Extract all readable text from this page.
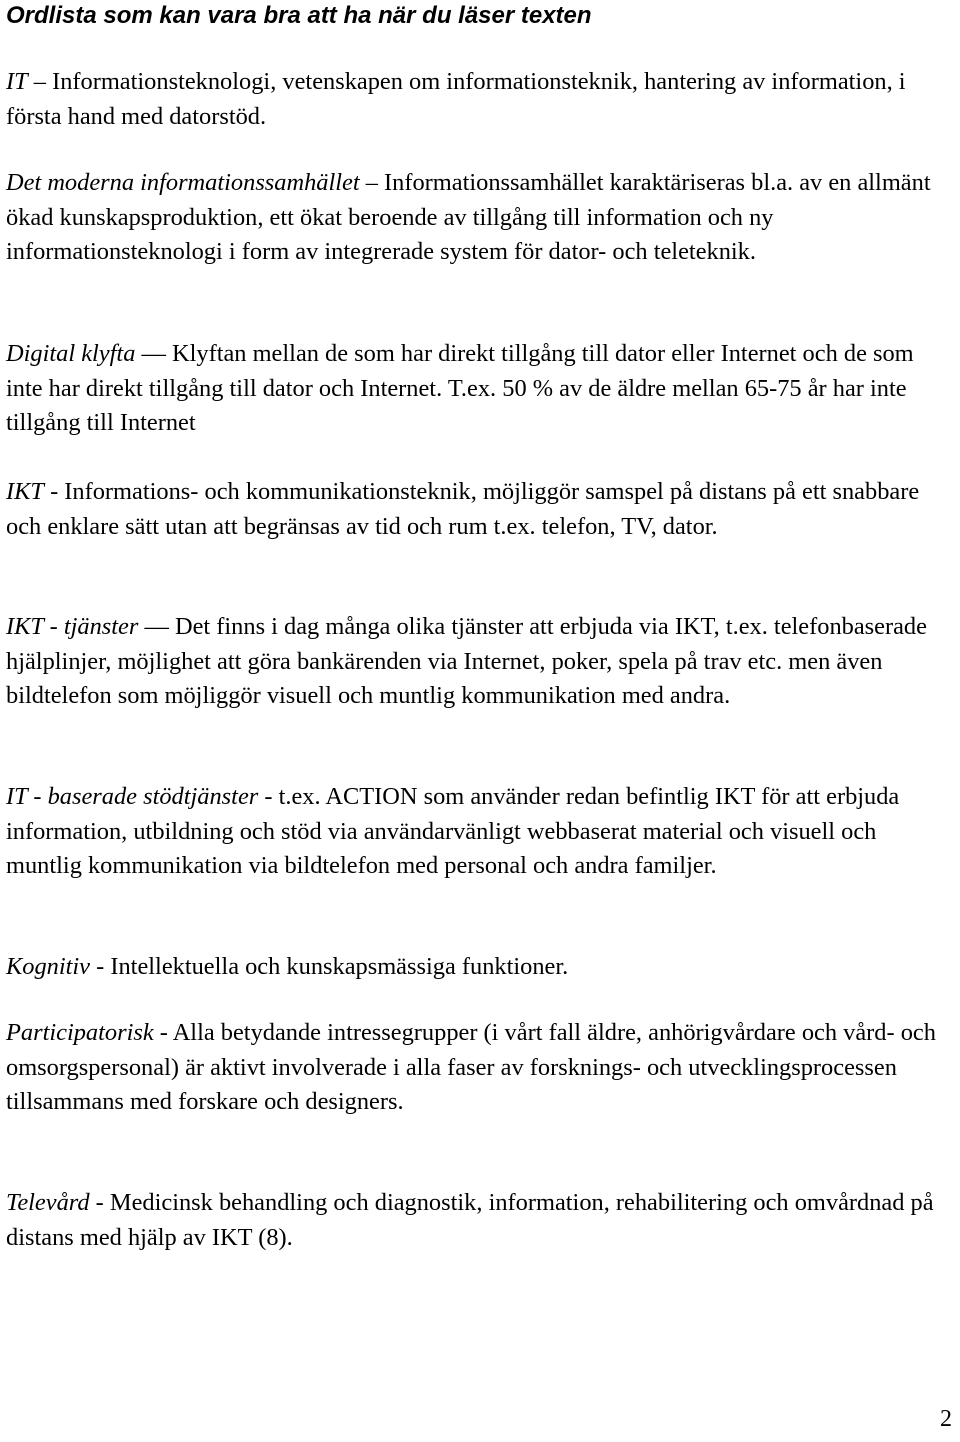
Ordlista som kan vara bra att ha när du läser texten

IT – Informationsteknologi, vetenskapen om informationsteknik, hantering av information, i första hand med datorstöd.

Det moderna informationssamhället – Informationssamhället karaktäriseras bl.a. av en allmänt ökad kunskapsproduktion, ett ökat beroende av tillgång till information och ny informationsteknologi i form av integrerade system för dator- och teleteknik.

Digital klyfta — Klyftan mellan de som har direkt tillgång till dator eller Internet och de som inte har direkt tillgång till dator och Internet. T.ex. 50 % av de äldre mellan 65-75 år har inte tillgång till Internet

IKT - Informations- och kommunikationsteknik, möjliggör samspel på distans på ett snabbare och enklare sätt utan att begränsas av tid och rum t.ex. telefon, TV, dator.

IKT - tjänster — Det finns i dag många olika tjänster att erbjuda via IKT, t.ex. telefonbaserade hjälplinjer, möjlighet att göra bankärenden via Internet, poker, spela på trav etc. men även bildtelefon som möjliggör visuell och muntlig kommunikation med andra.

IT - baserade stödtjänster - t.ex. ACTION som använder redan befintlig IKT för att erbjuda information, utbildning och stöd via användarvänligt webbaserat material och visuell och muntlig kommunikation via bildtelefon med personal och andra familjer.

Kognitiv - Intellektuella och kunskapsmässiga funktioner.

Participatorisk - Alla betydande intressegrupper (i vårt fall äldre, anhörigvårdare och vård- och omsorgspersonal) är aktivt involverade i alla faser av forsknings- och utvecklingsprocessen tillsammans med forskare och designers.

Televård - Medicinsk behandling och diagnostik, information, rehabilitering och omvårdnad på distans med hjälp av IKT (8).

2
